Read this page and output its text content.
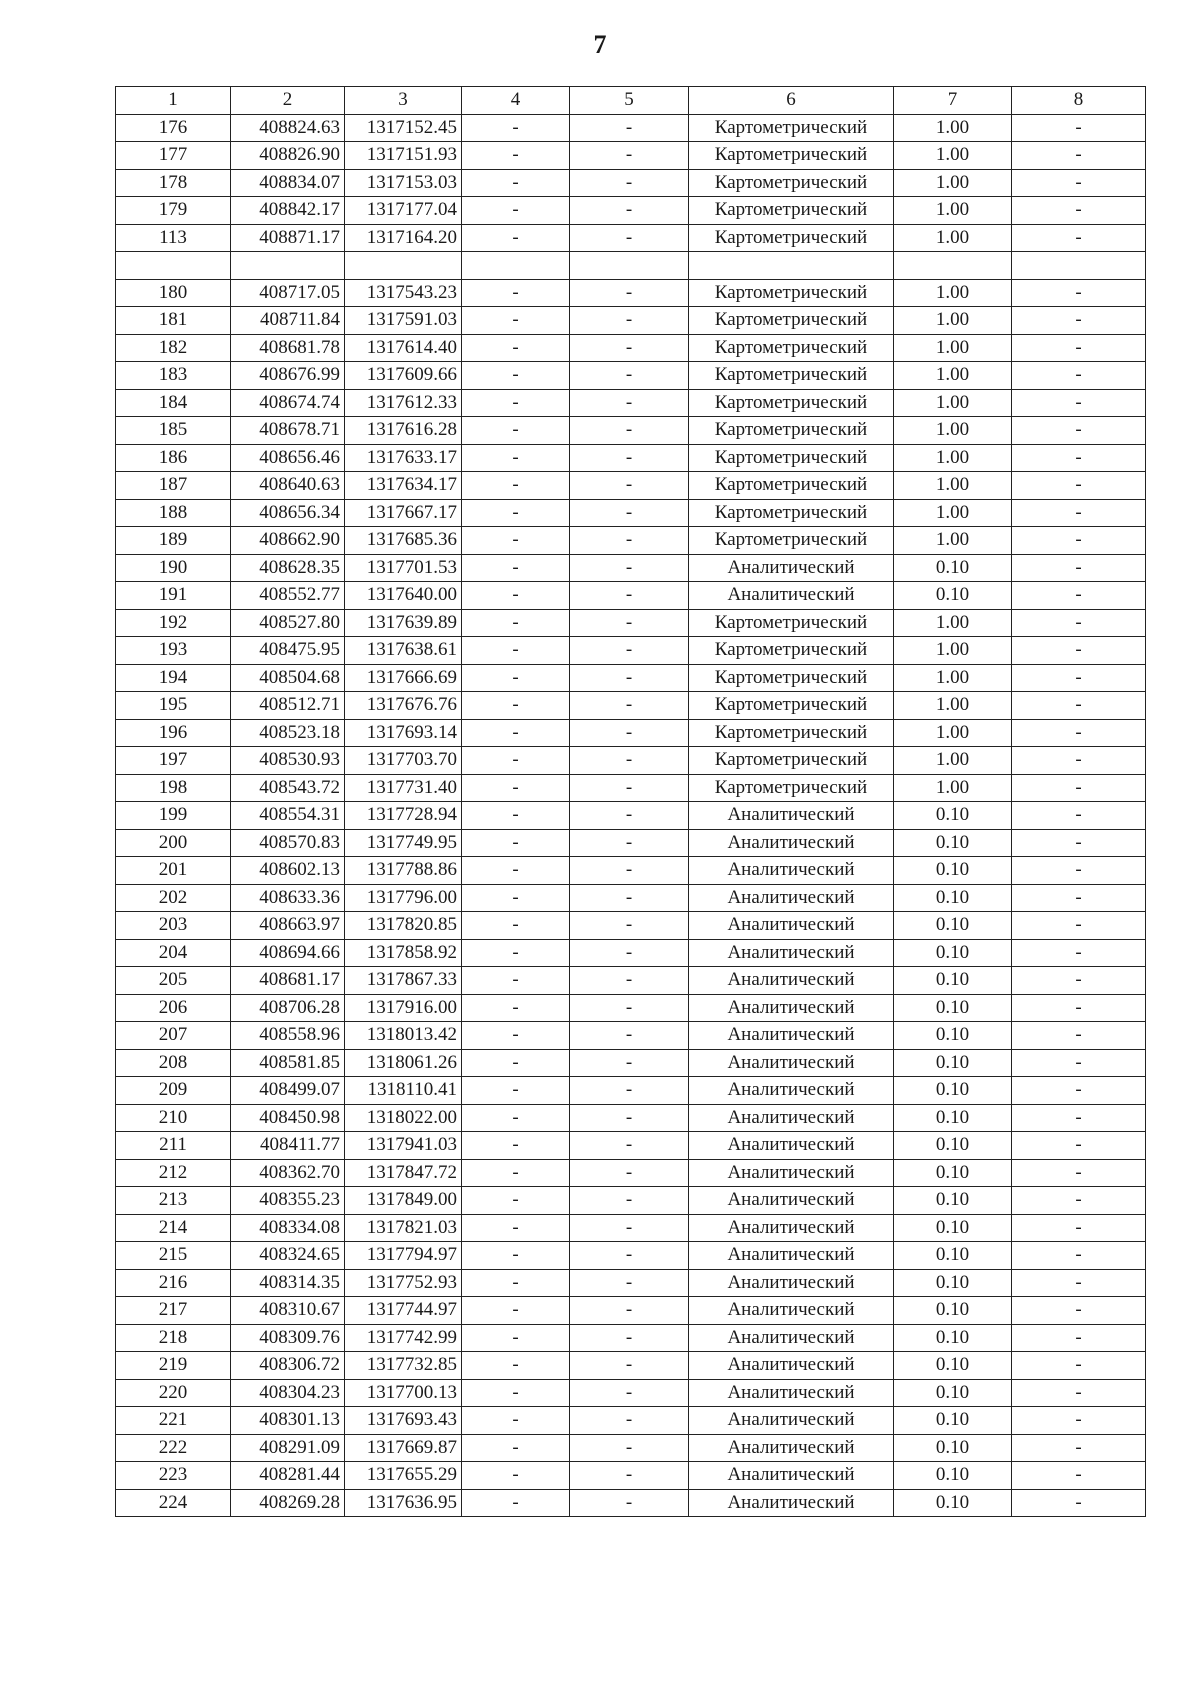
7
1	2	3	4	5	6	7	8
176	408824.63	1317152.45	-	-	Картометрический	1.00	-
177	408826.90	1317151.93	-	-	Картометрический	1.00	-
178	408834.07	1317153.03	-	-	Картометрический	1.00	-
179	408842.17	1317177.04	-	-	Картометрический	1.00	-
113	408871.17	1317164.20	-	-	Картометрический	1.00	-

180	408717.05	1317543.23	-	-	Картометрический	1.00	-
181	408711.84	1317591.03	-	-	Картометрический	1.00	-
182	408681.78	1317614.40	-	-	Картометрический	1.00	-
183	408676.99	1317609.66	-	-	Картометрический	1.00	-
184	408674.74	1317612.33	-	-	Картометрический	1.00	-
185	408678.71	1317616.28	-	-	Картометрический	1.00	-
186	408656.46	1317633.17	-	-	Картометрический	1.00	-
187	408640.63	1317634.17	-	-	Картометрический	1.00	-
188	408656.34	1317667.17	-	-	Картометрический	1.00	-
189	408662.90	1317685.36	-	-	Картометрический	1.00	-
190	408628.35	1317701.53	-	-	Аналитический	0.10	-
191	408552.77	1317640.00	-	-	Аналитический	0.10	-
192	408527.80	1317639.89	-	-	Картометрический	1.00	-
193	408475.95	1317638.61	-	-	Картометрический	1.00	-
194	408504.68	1317666.69	-	-	Картометрический	1.00	-
195	408512.71	1317676.76	-	-	Картометрический	1.00	-
196	408523.18	1317693.14	-	-	Картометрический	1.00	-
197	408530.93	1317703.70	-	-	Картометрический	1.00	-
198	408543.72	1317731.40	-	-	Картометрический	1.00	-
199	408554.31	1317728.94	-	-	Аналитический	0.10	-
200	408570.83	1317749.95	-	-	Аналитический	0.10	-
201	408602.13	1317788.86	-	-	Аналитический	0.10	-
202	408633.36	1317796.00	-	-	Аналитический	0.10	-
203	408663.97	1317820.85	-	-	Аналитический	0.10	-
204	408694.66	1317858.92	-	-	Аналитический	0.10	-
205	408681.17	1317867.33	-	-	Аналитический	0.10	-
206	408706.28	1317916.00	-	-	Аналитический	0.10	-
207	408558.96	1318013.42	-	-	Аналитический	0.10	-
208	408581.85	1318061.26	-	-	Аналитический	0.10	-
209	408499.07	1318110.41	-	-	Аналитический	0.10	-
210	408450.98	1318022.00	-	-	Аналитический	0.10	-
211	408411.77	1317941.03	-	-	Аналитический	0.10	-
212	408362.70	1317847.72	-	-	Аналитический	0.10	-
213	408355.23	1317849.00	-	-	Аналитический	0.10	-
214	408334.08	1317821.03	-	-	Аналитический	0.10	-
215	408324.65	1317794.97	-	-	Аналитический	0.10	-
216	408314.35	1317752.93	-	-	Аналитический	0.10	-
217	408310.67	1317744.97	-	-	Аналитический	0.10	-
218	408309.76	1317742.99	-	-	Аналитический	0.10	-
219	408306.72	1317732.85	-	-	Аналитический	0.10	-
220	408304.23	1317700.13	-	-	Аналитический	0.10	-
221	408301.13	1317693.43	-	-	Аналитический	0.10	-
222	408291.09	1317669.87	-	-	Аналитический	0.10	-
223	408281.44	1317655.29	-	-	Аналитический	0.10	-
224	408269.28	1317636.95	-	-	Аналитический	0.10	-
